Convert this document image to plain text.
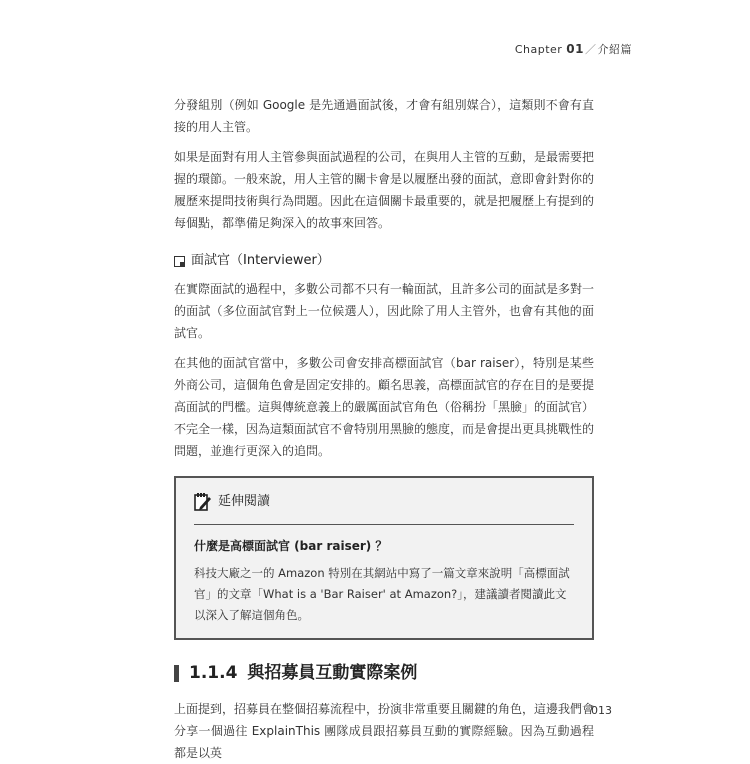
Chapter 01／介紹篇

分發組別（例如 Google 是先通過面試後，才會有組別媒合），這類則不會有直接的用人主管。

如果是面對有用人主管參與面試過程的公司，在與用人主管的互動，是最需要把握的環節。一般來說，用人主管的關卡會是以履歷出發的面試，意即會針對你的履歷來提問技術與行為問題。因此在這個關卡最重要的，就是把履歷上有提到的每個點，都準備足夠深入的故事來回答。

面試官（Interviewer）

在實際面試的過程中，多數公司都不只有一輪面試，且許多公司的面試是多對一的面試（多位面試官對上一位候選人），因此除了用人主管外，也會有其他的面試官。

在其他的面試官當中，多數公司會安排高標面試官（bar raiser），特別是某些外商公司，這個角色會是固定安排的。顧名思義，高標面試官的存在目的是要提高面試的門檻。這與傳統意義上的嚴厲面試官角色（俗稱扮「黑臉」的面試官）不完全一樣，因為這類面試官不會特別用黑臉的態度，而是會提出更具挑戰性的問題，並進行更深入的追問。

延伸閱讀
什麼是高標面試官 (bar raiser) ？
科技大廠之一的 Amazon 特別在其網站中寫了一篇文章來說明「高標面試官」的文章「What is a 'Bar Raiser' at Amazon?」，建議讀者閱讀此文以深入了解這個角色。
1.1.4 與招募員互動實際案例

上面提到，招募員在整個招募流程中，扮演非常重要且關鍵的角色，這邊我們會分享一個過往 ExplainThis 團隊成員跟招募員互動的實際經驗。因為互動過程都是以英

013
